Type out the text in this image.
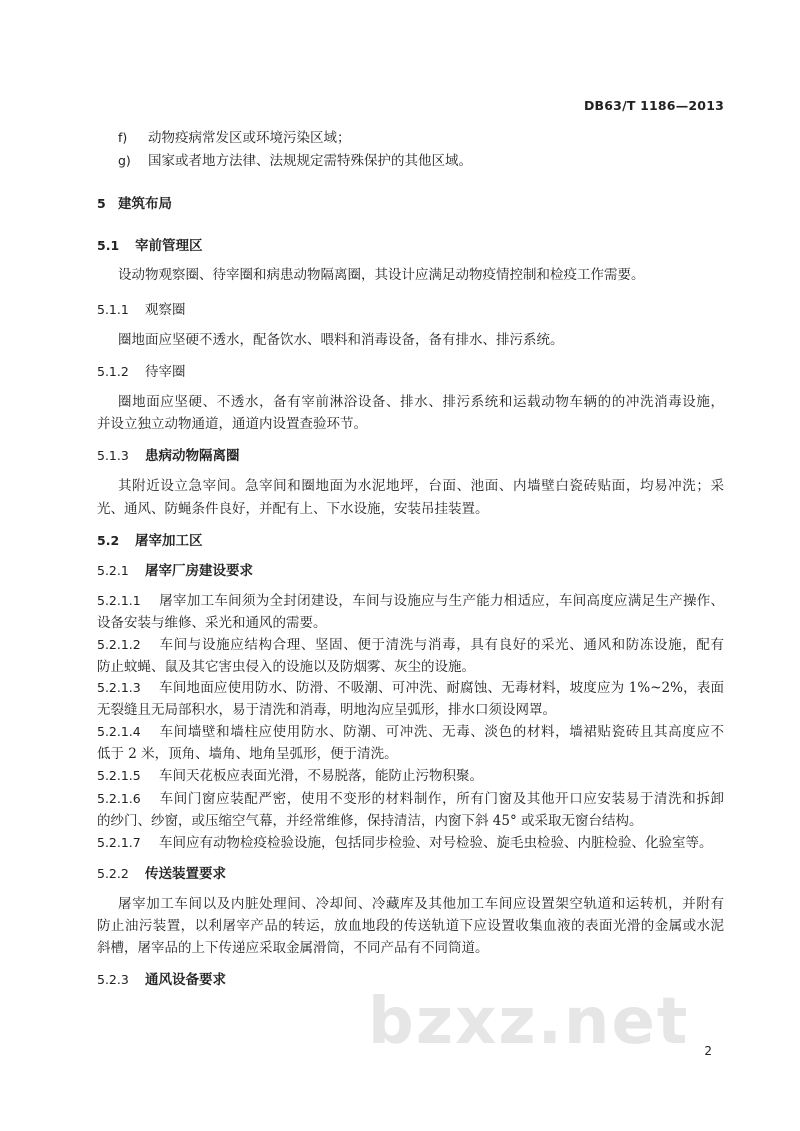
DB63/T 1186—2013
f) 动物疫病常发区或环境污染区域；
g) 国家或者地方法律、法规规定需特殊保护的其他区域。
5 建筑布局
5.1 宰前管理区
设动物观察圈、待宰圈和病患动物隔离圈，其设计应满足动物疫情控制和检疫工作需要。
5.1.1 观察圈
圈地面应坚硬不透水，配备饮水、喂料和消毒设备，备有排水、排污系统。
5.1.2 待宰圈
圈地面应坚硬、不透水，备有宰前淋浴设备、排水、排污系统和运载动物车辆的的冲洗消毒设施，
并设立独立动物通道，通道内设置查验环节。
5.1.3 患病动物隔离圈
其附近设立急宰间。急宰间和圈地面为水泥地坪，台面、池面、内墙壁白瓷砖贴面，均易冲洗；采
光、通风、防蝇条件良好，并配有上、下水设施，安装吊挂装置。
5.2 屠宰加工区
5.2.1 屠宰厂房建设要求
5.2.1.1 屠宰加工车间须为全封闭建设，车间与设施应与生产能力相适应，车间高度应满足生产操作、
设备安装与维修、采光和通风的需要。
5.2.1.2 车间与设施应结构合理、坚固、便于清洗与消毒，具有良好的采光、通风和防冻设施，配有
防止蚊蝇、鼠及其它害虫侵入的设施以及防烟雾、灰尘的设施。
5.2.1.3 车间地面应使用防水、防滑、不吸潮、可冲洗、耐腐蚀、无毒材料，坡度应为 1%~2%，表面
无裂缝且无局部积水，易于清洗和消毒，明地沟应呈弧形，排水口须设网罩。
5.2.1.4 车间墙壁和墙柱应使用防水、防潮、可冲洗、无毒、淡色的材料，墙裙贴瓷砖且其高度应不
低于 2 米，顶角、墙角、地角呈弧形，便于清洗。
5.2.1.5 车间天花板应表面光滑，不易脱落，能防止污物积聚。
5.2.1.6 车间门窗应装配严密，使用不变形的材料制作，所有门窗及其他开口应安装易于清洗和拆卸
的纱门、纱窗，或压缩空气幕，并经常维修，保持清洁，内窗下斜 45° 或采取无窗台结构。
5.2.1.7 车间应有动物检疫检验设施，包括同步检验、对号检验、旋毛虫检验、内脏检验、化验室等。
5.2.2 传送装置要求
屠宰加工车间以及内脏处理间、冷却间、冷藏库及其他加工车间应设置架空轨道和运转机，并附有
防止油污装置，以利屠宰产品的转运，放血地段的传送轨道下应设置收集血液的表面光滑的金属或水泥
斜槽，屠宰品的上下传递应采取金属滑筒，不同产品有不同筒道。
5.2.3 通风设备要求
bzxz.net 2
